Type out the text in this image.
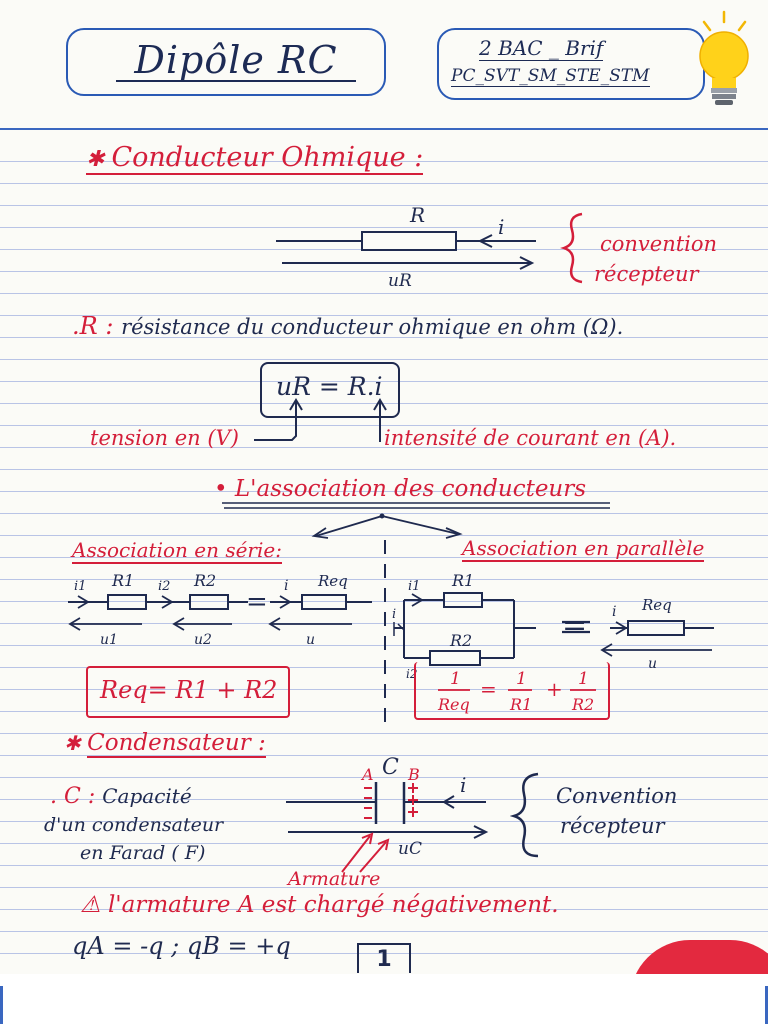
Dipôle RC	2 BAC _ Brif
PC_SVT_SM_STE_STM
✱ Conducteur Ohmique :
R	i
uR
convention
récepteur
.R : résistance du conducteur ohmique en ohm (Ω).
uR = R.i
tension en (V)	intensité de courant en (A).
• L'association des conducteurs
Association en série:	Association en parallèle
i1 R1 i2 R2
=
i Req
u1	u2	u
i1 R1
i
R2
i2
i Req
u
Req= R1 + R2	1
Req
= 1
R1
+ 1
R2
=
✱ Condensateur :
. C : Capacité
d'un condensateur
en Farad ( F)
C
A B i
uC
Armature
Convention
récepteur
⚠ l'armature A est chargé négativement.
qA = -q ; qB = +q	1
